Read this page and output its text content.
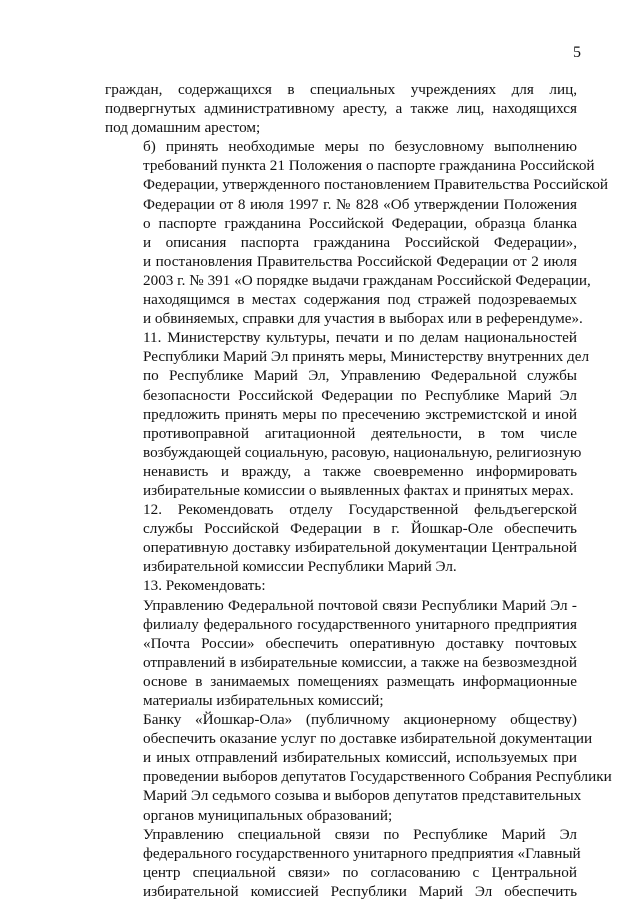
5

граждан, содержащихся в специальных учреждениях для лиц,
подвергнутых административному аресту, а также лиц, находящихся
под домашним арестом;

б) принять необходимые меры по безусловному выполнению
требований пункта 21 Положения о паспорте гражданина Российской
Федерации, утвержденного постановлением Правительства Российской
Федерации от 8 июля 1997 г. № 828 «Об утверждении Положения
о паспорте гражданина Российской Федерации, образца бланка
и описания паспорта гражданина Российской Федерации»,
и постановления Правительства Российской Федерации от 2 июля
2003 г. № 391 «О порядке выдачи гражданам Российской Федерации,
находящимся в местах содержания под стражей подозреваемых
и обвиняемых, справки для участия в выборах или в референдуме».

11. Министерству культуры, печати и по делам национальностей
Республики Марий Эл принять меры, Министерству внутренних дел
по Республике Марий Эл, Управлению Федеральной службы
безопасности Российской Федерации по Республике Марий Эл
предложить принять меры по пресечению экстремистской и иной
противоправной агитационной деятельности, в том числе
возбуждающей социальную, расовую, национальную, религиозную
ненависть и вражду, а также своевременно информировать
избирательные комиссии о выявленных фактах и принятых мерах.

12. Рекомендовать отделу Государственной фельдъегерской
службы Российской Федерации в г. Йошкар-Оле обеспечить
оперативную доставку избирательной документации Центральной
избирательной комиссии Республики Марий Эл.

13. Рекомендовать:

Управлению Федеральной почтовой связи Республики Марий Эл -
филиалу федерального государственного унитарного предприятия
«Почта России» обеспечить оперативную доставку почтовых
отправлений в избирательные комиссии, а также на безвозмездной
основе в занимаемых помещениях размещать информационные
материалы избирательных комиссий;

Банку «Йошкар-Ола» (публичному акционерному обществу)
обеспечить оказание услуг по доставке избирательной документации
и иных отправлений избирательных комиссий, используемых при
проведении выборов депутатов Государственного Собрания Республики
Марий Эл седьмого созыва и выборов депутатов представительных
органов муниципальных образований;

Управлению специальной связи по Республике Марий Эл
федерального государственного унитарного предприятия «Главный
центр специальной связи» по согласованию с Центральной
избирательной комиссией Республики Марий Эл обеспечить
